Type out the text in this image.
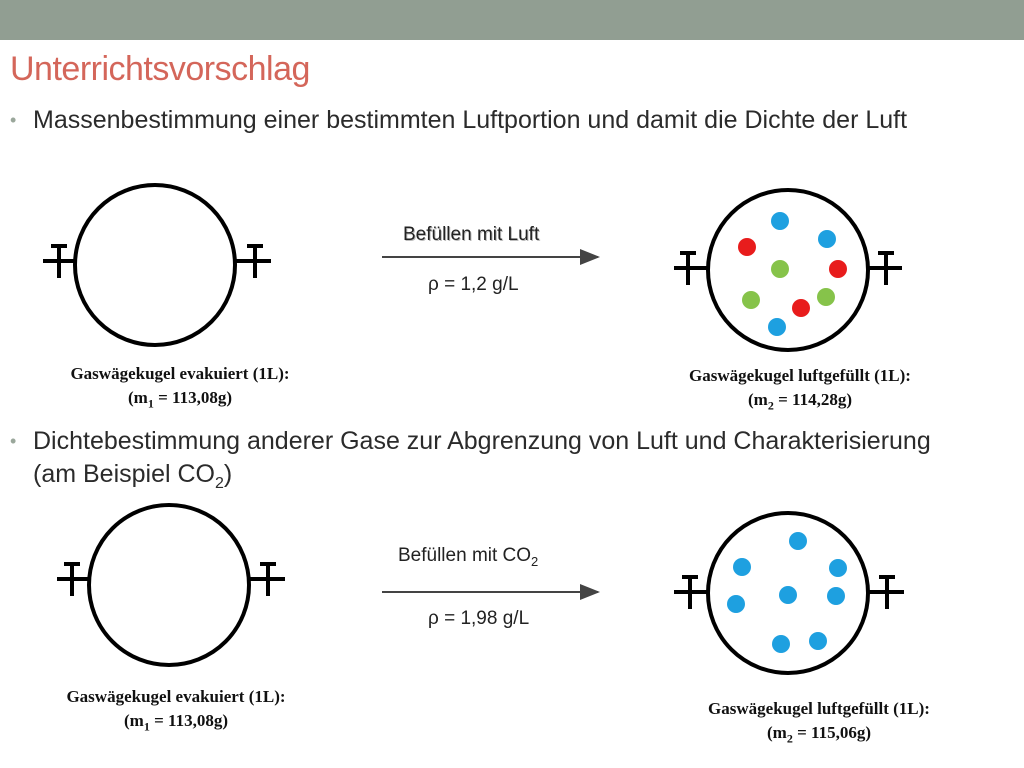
Unterrichtsvorschlag
• Massenbestimmung einer bestimmten Luftportion und damit die Dichte der Luft
• Dichtebestimmung anderer Gase zur Abgrenzung von Luft und Charakterisierung (am Beispiel $CO_2$)
Befüllen mit Luft
ρ = 1,2 g/L
Gaswägekugel evakuiert (1L):
$(m_1 = 113,08g)$
Gaswägekugel luftgefüllt (1L):
$(m_2 = 114,28g)$
Befüllen mit $CO_2$
ρ = 1,98 g/L
Gaswägekugel evakuiert (1L):
$(m_1 = 113,08g)$
Gaswägekugel luftgefüllt (1L):
$(m_2 = 115,06g)$
